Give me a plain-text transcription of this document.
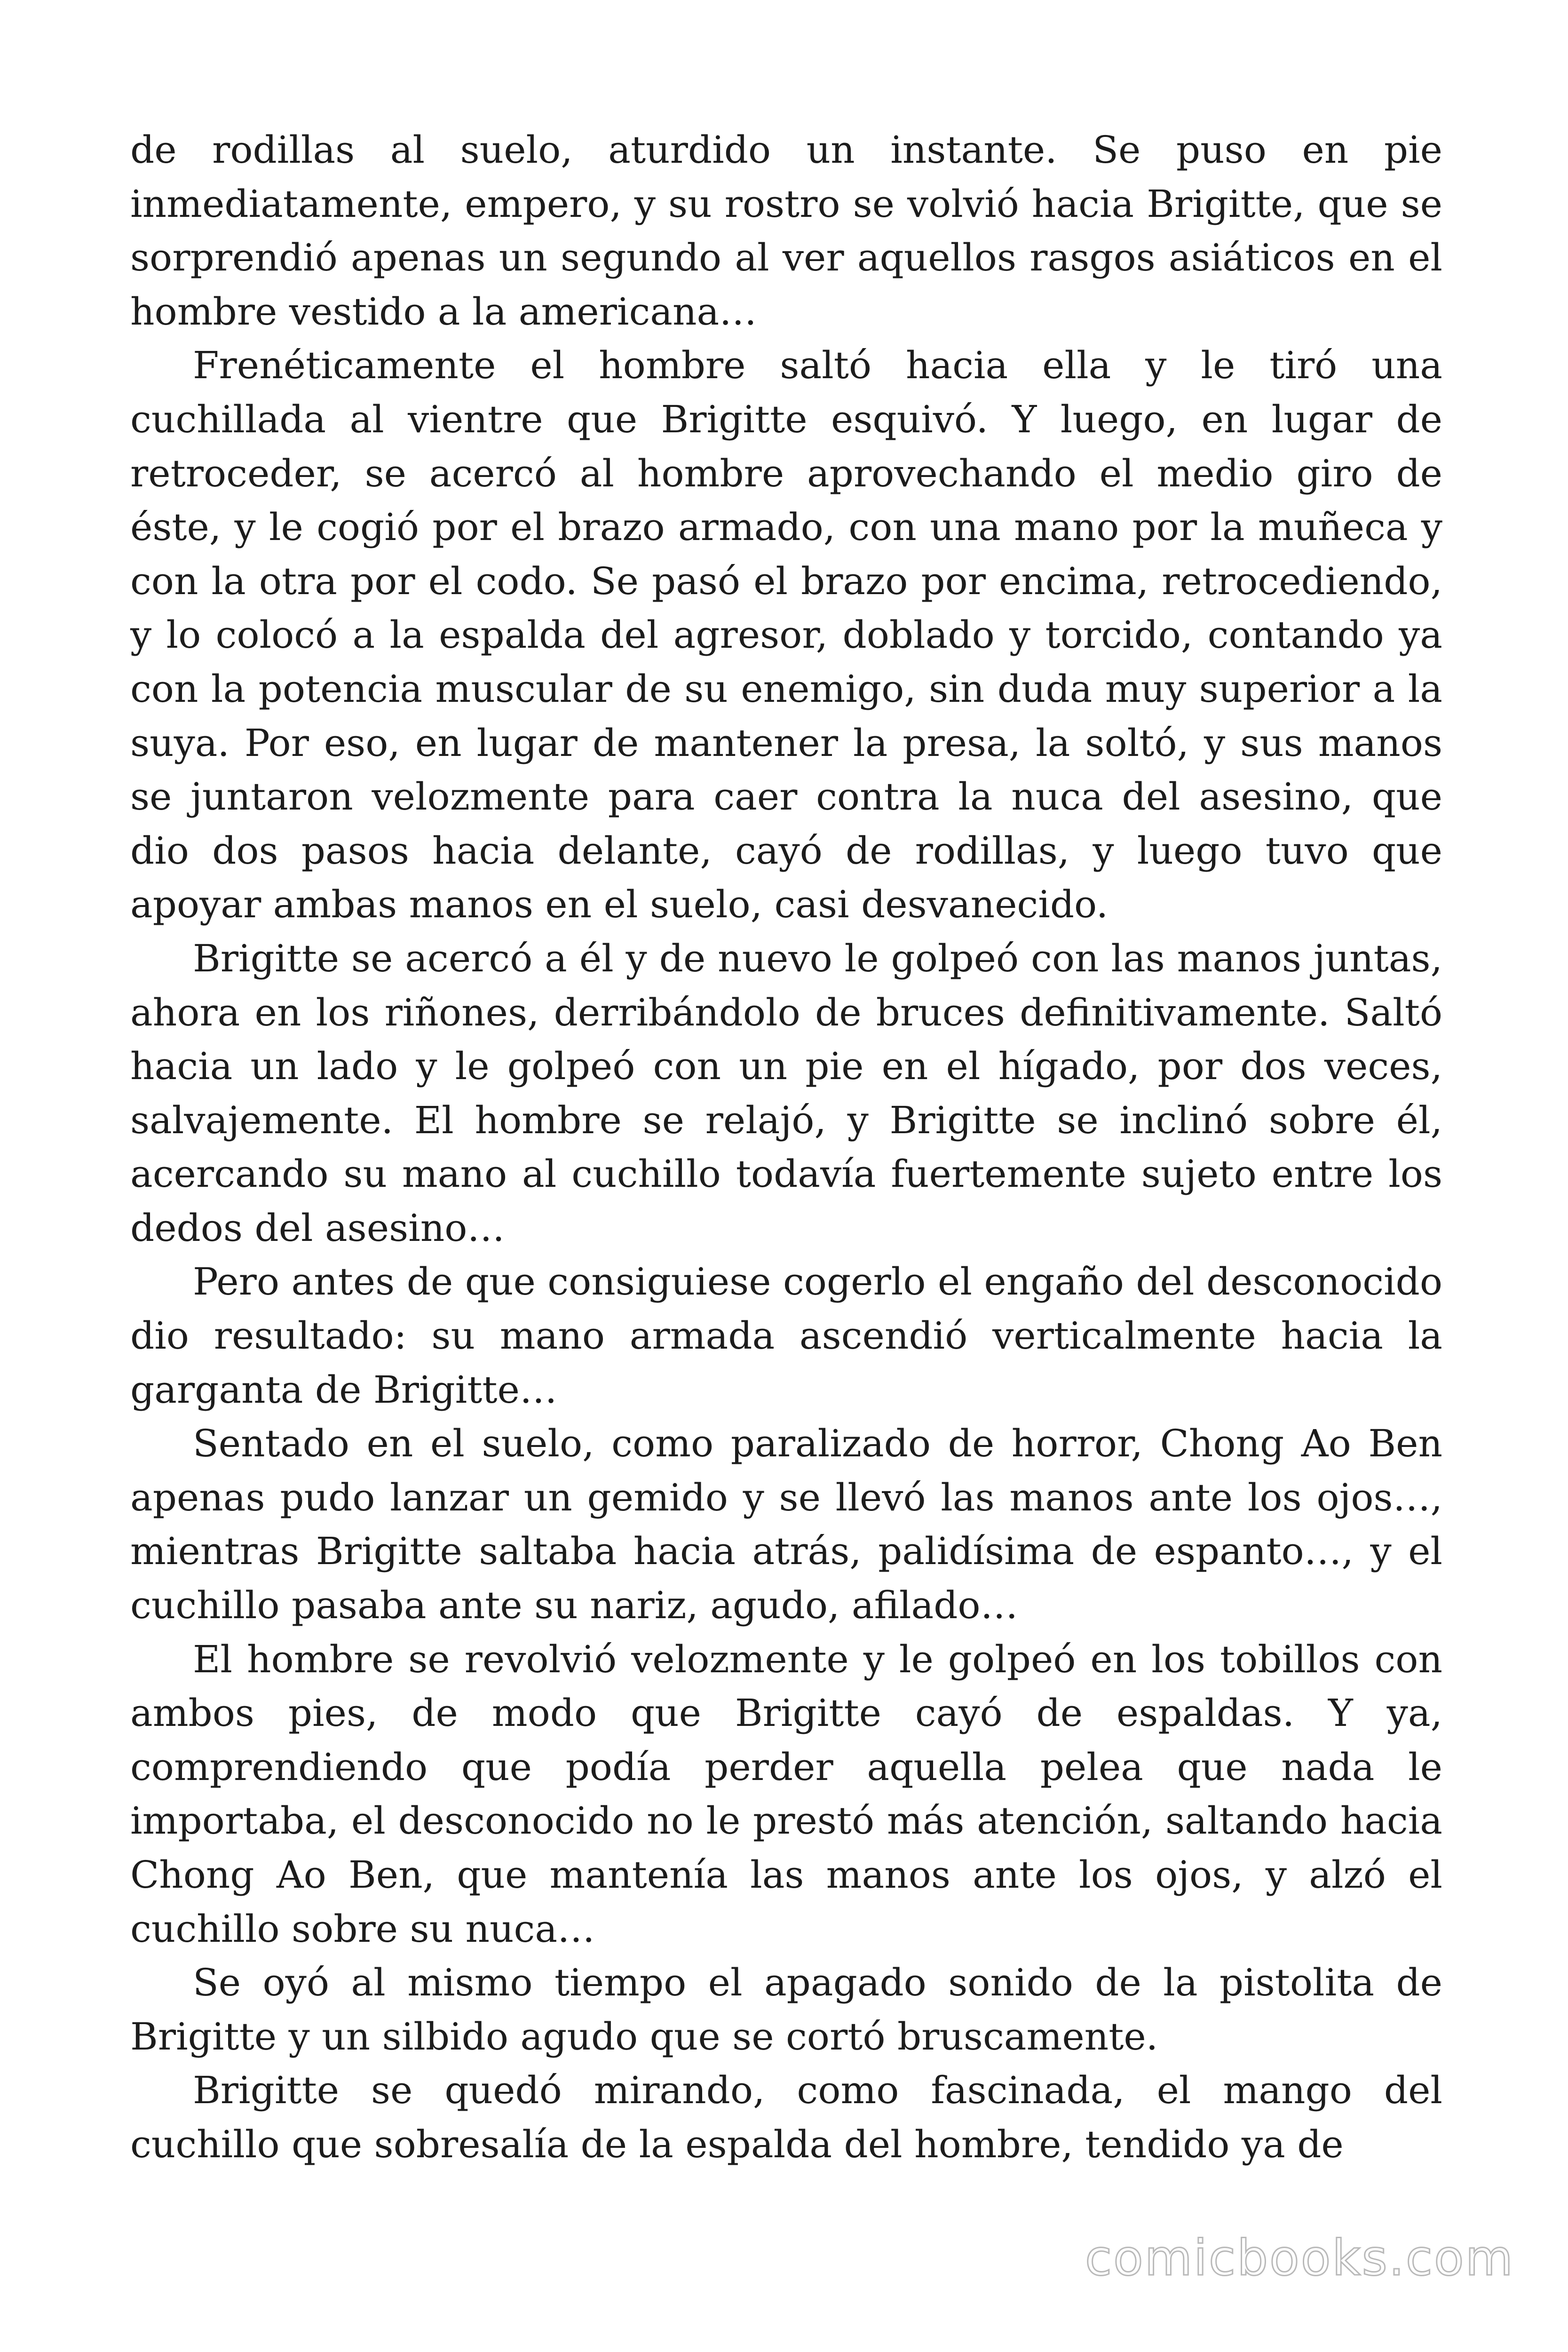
de rodillas al suelo, aturdido un instante. Se puso en pie inmediatamente, empero, y su rostro se volvió hacia Brigitte, que se sorprendió apenas un segundo al ver aquellos rasgos asiáticos en el hombre vestido a la americana…

Frenéticamente el hombre saltó hacia ella y le tiró una cuchillada al vientre que Brigitte esquivó. Y luego, en lugar de retroceder, se acercó al hombre aprovechando el medio giro de éste, y le cogió por el brazo armado, con una mano por la muñeca y con la otra por el codo. Se pasó el brazo por encima, retrocediendo, y lo colocó a la espalda del agresor, doblado y torcido, contando ya con la potencia muscular de su enemigo, sin duda muy superior a la suya. Por eso, en lugar de mantener la presa, la soltó, y sus manos se juntaron velozmente para caer contra la nuca del asesino, que dio dos pasos hacia delante, cayó de rodillas, y luego tuvo que apoyar ambas manos en el suelo, casi desvanecido.

Brigitte se acercó a él y de nuevo le golpeó con las manos juntas, ahora en los riñones, derribándolo de bruces definitivamente. Saltó hacia un lado y le golpeó con un pie en el hígado, por dos veces, salvajemente. El hombre se relajó, y Brigitte se inclinó sobre él, acercando su mano al cuchillo todavía fuertemente sujeto entre los dedos del asesino…

Pero antes de que consiguiese cogerlo el engaño del desconocido dio resultado: su mano armada ascendió verticalmente hacia la garganta de Brigitte…

Sentado en el suelo, como paralizado de horror, Chong Ao Ben apenas pudo lanzar un gemido y se llevó las manos ante los ojos…, mientras Brigitte saltaba hacia atrás, palidísima de espanto…, y el cuchillo pasaba ante su nariz, agudo, afilado…

El hombre se revolvió velozmente y le golpeó en los tobillos con ambos pies, de modo que Brigitte cayó de espaldas. Y ya, comprendiendo que podía perder aquella pelea que nada le importaba, el desconocido no le prestó más atención, saltando hacia Chong Ao Ben, que mantenía las manos ante los ojos, y alzó el cuchillo sobre su nuca…

Se oyó al mismo tiempo el apagado sonido de la pistolita de Brigitte y un silbido agudo que se cortó bruscamente.

Brigitte se quedó mirando, como fascinada, el mango del cuchillo que sobresalía de la espalda del hombre, tendido ya de

comicbooks.com
